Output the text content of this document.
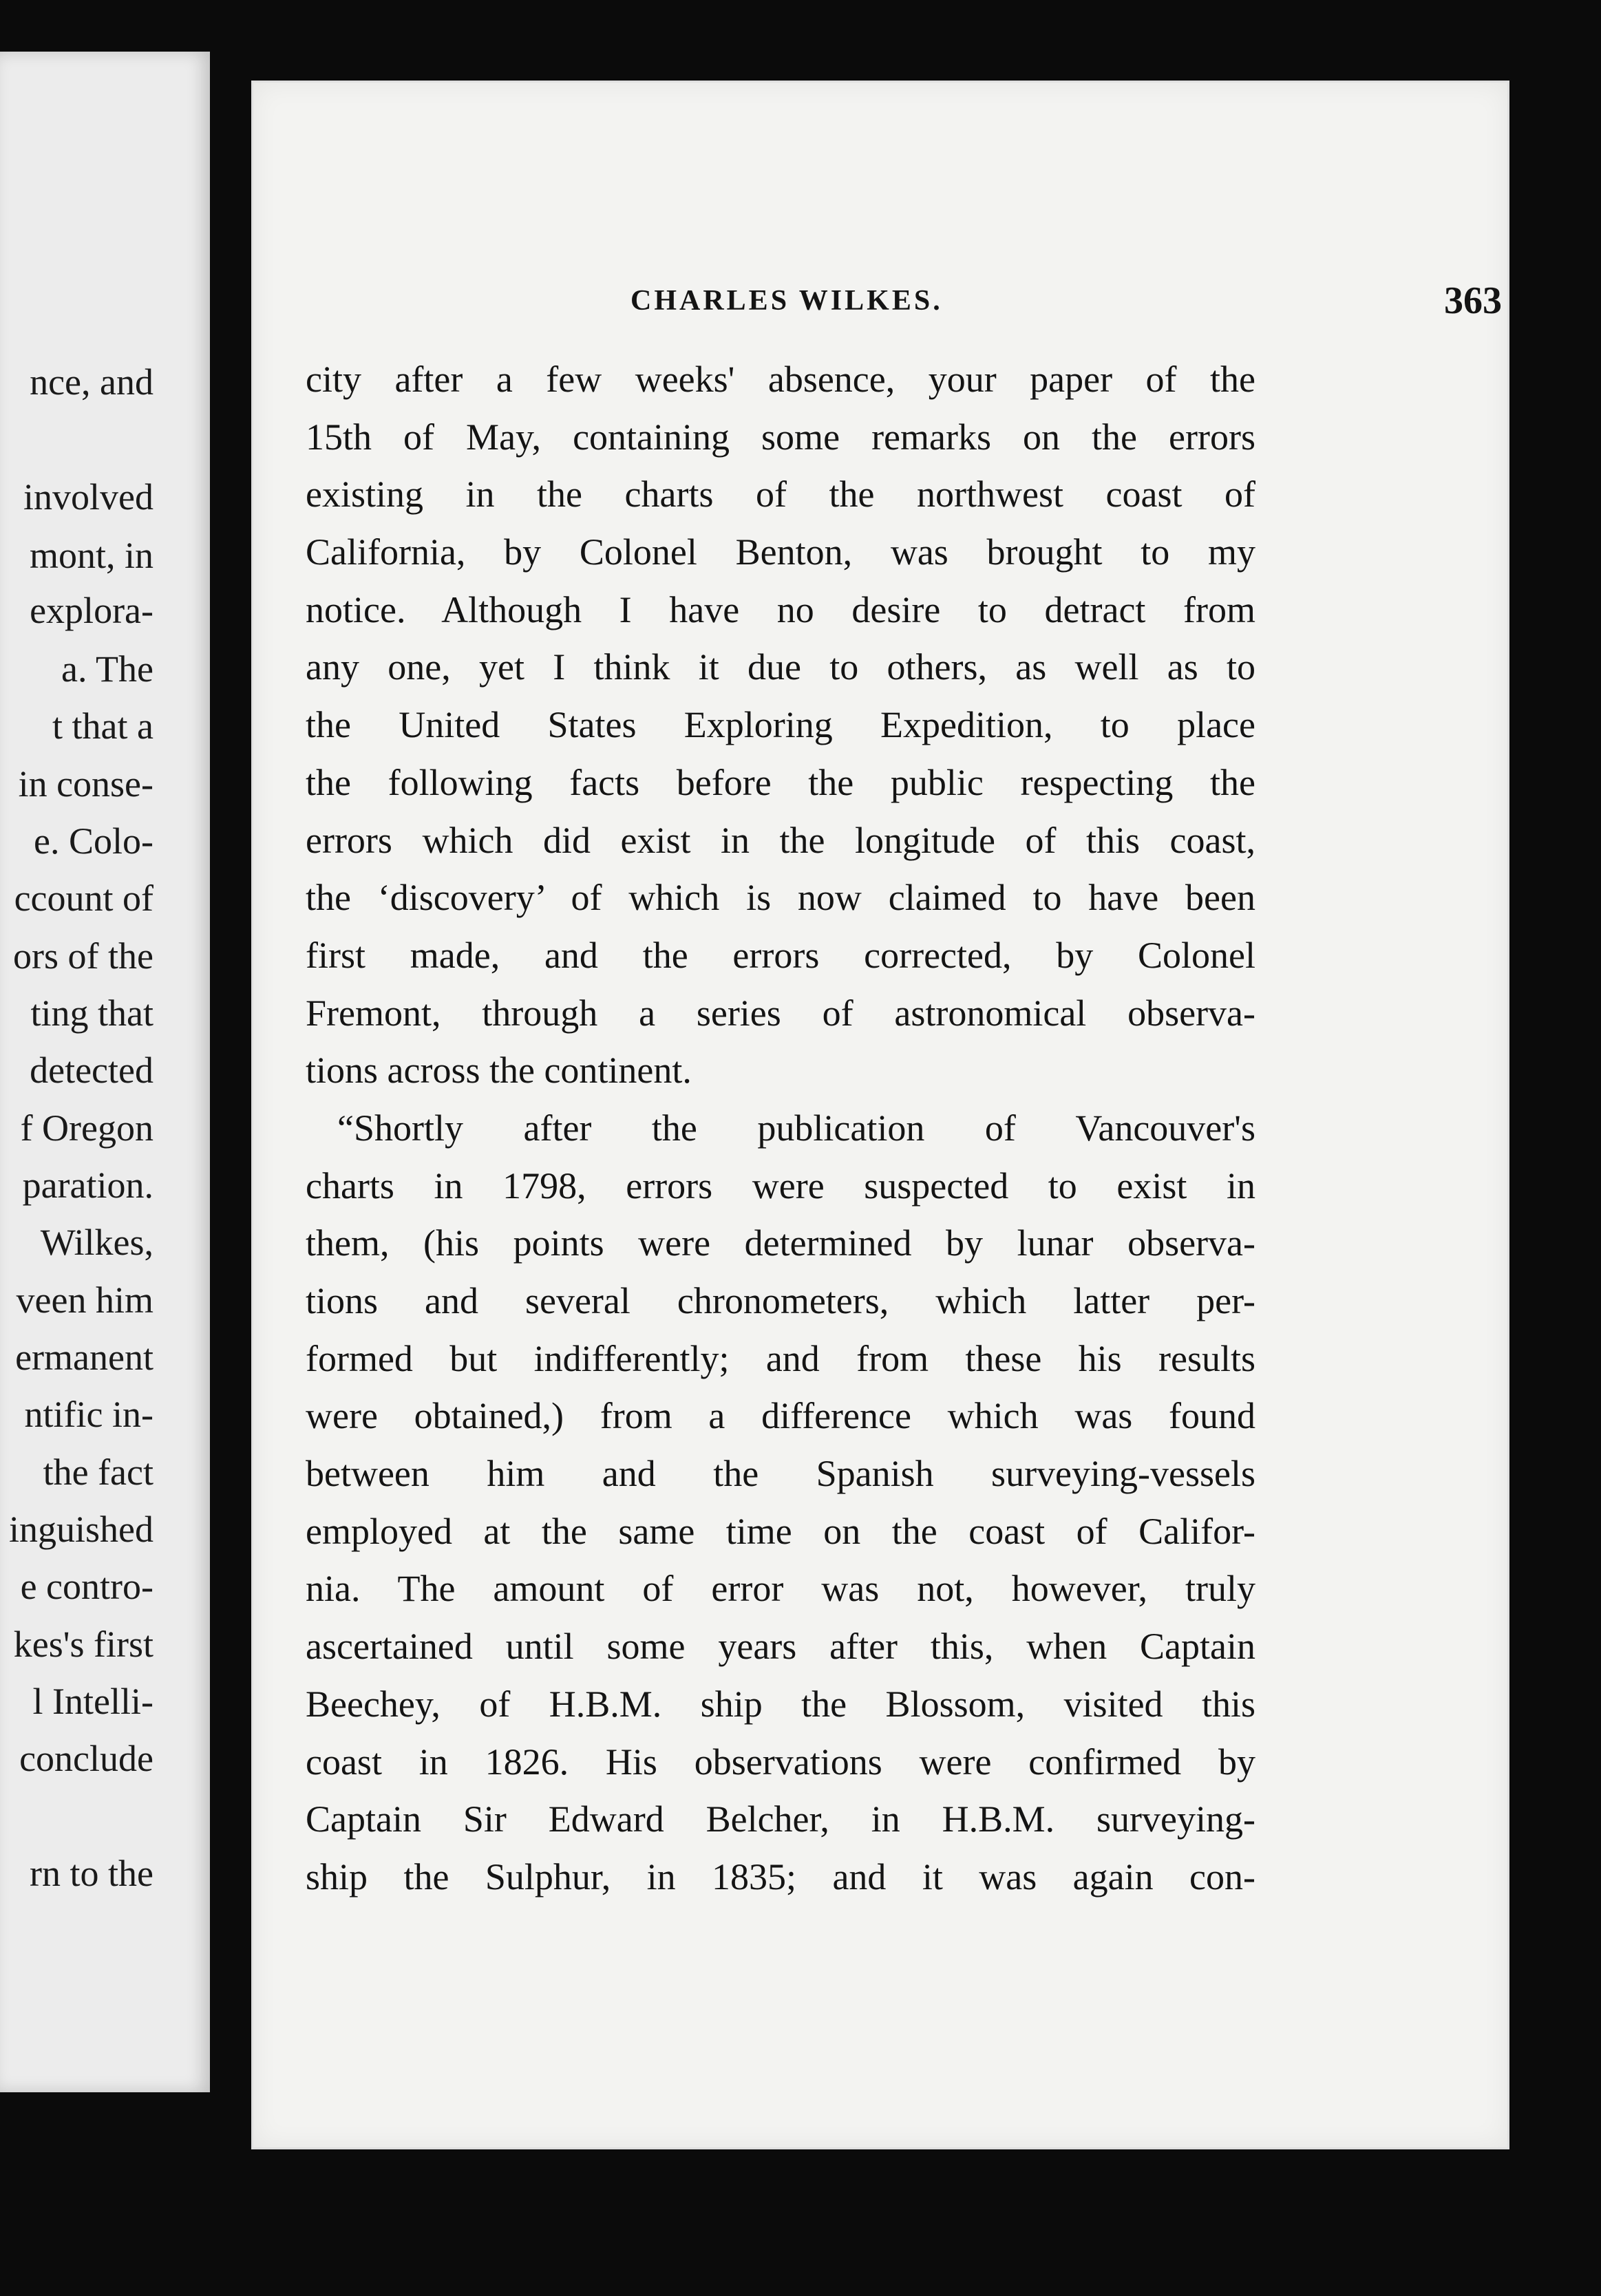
nce, and
involved
mont, in
explora-
a. The
t that a
in conse-
e. Colo-
ccount of
ors of the
ting that
detected
f Oregon
paration.
Wilkes,
veen him
ermanent
ntific in-
the fact
inguished
e contro-
kes's first
l Intelli-
conclude
rn to the
CHARLES WILKES.	363
city after a few weeks' absence, your paper of the
15th of May, containing some remarks on the errors
existing in the charts of the northwest coast of
California, by Colonel Benton, was brought to my
notice. Although I have no desire to detract from
any one, yet I think it due to others, as well as to
the United States Exploring Expedition, to place
the following facts before the public respecting the
errors which did exist in the longitude of this coast,
the ‘discovery’ of which is now claimed to have been
first made, and the errors corrected, by Colonel
Fremont, through a series of astronomical observa-
tions across the continent.
“Shortly after the publication of Vancouver's
charts in 1798, errors were suspected to exist in
them, (his points were determined by lunar observa-
tions and several chronometers, which latter per-
formed but indifferently; and from these his results
were obtained,) from a difference which was found
between him and the Spanish surveying-vessels
employed at the same time on the coast of Califor-
nia. The amount of error was not, however, truly
ascertained until some years after this, when Captain
Beechey, of H.B.M. ship the Blossom, visited this
coast in 1826. His observations were confirmed by
Captain Sir Edward Belcher, in H.B.M. surveying-
ship the Sulphur, in 1835; and it was again con-
